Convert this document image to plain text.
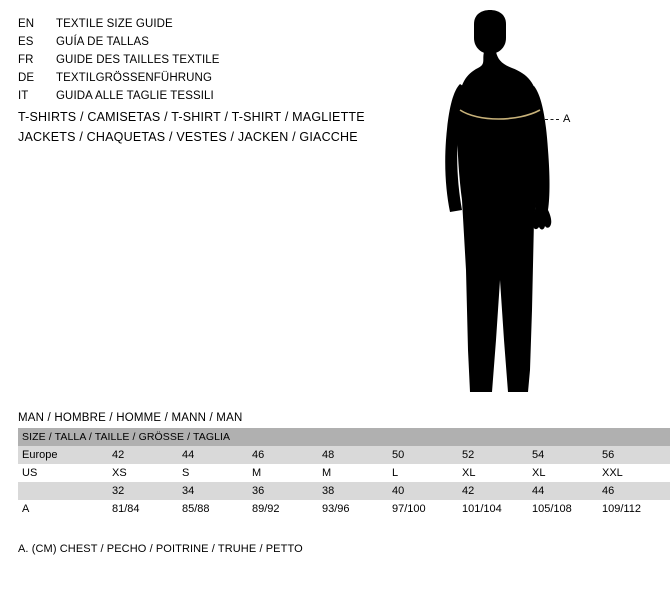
EN	TEXTILE SIZE GUIDE
ES	GUÍA DE TALLAS
FR	GUIDE DES TAILLES TEXTILE
DE	TEXTILGRÖSSENFÜHRUNG
IT	GUIDA ALLE TAGLIE TESSILI
T-SHIRTS / CAMISETAS / T-SHIRT / T-SHIRT / MAGLIETTE
JACKETS / CHAQUETAS / VESTES / JACKEN / GIACCHE
A
MAN / HOMBRE / HOMME / MANN / MAN
SIZE / TALLA / TAILLE / GRÖSSE / TAGLIA								
Europe	42	44	46	48	50	52	54	56
US	XS	S	M	M	L	XL	XL	XXL
	32	34	36	38	40	42	44	46
A	81/84	85/88	89/92	93/96	97/100	101/104	105/108	109/112
A. (CM) CHEST / PECHO / POITRINE / TRUHE / PETTO
